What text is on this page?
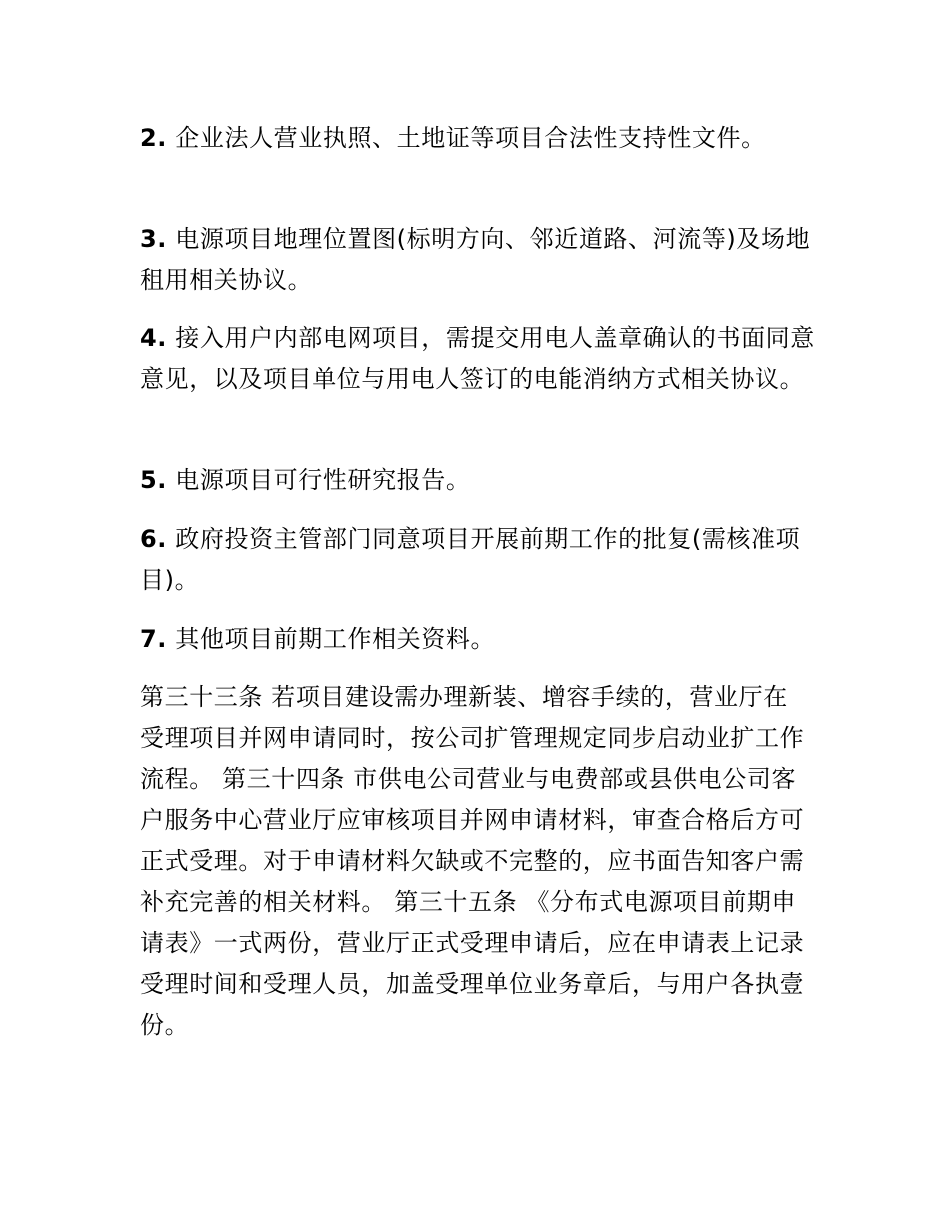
2. 企业法人营业执照、土地证等项目合法性支持性文件。

3. 电源项目地理位置图(标明方向、邻近道路、河流等)及场地租用相关协议。

4. 接入用户内部电网项目，需提交用电人盖章确认的书面同意意见，以及项目单位与用电人签订的电能消纳方式相关协议。

5. 电源项目可行性研究报告。

6. 政府投资主管部门同意项目开展前期工作的批复(需核准项目)。

7. 其他项目前期工作相关资料。

第三十三条 若项目建设需办理新装、增容手续的，营业厅在受理项目并网申请同时，按公司扩管理规定同步启动业扩工作流程。 第三十四条 市供电公司营业与电费部或县供电公司客户服务中心营业厅应审核项目并网申请材料，审查合格后方可正式受理。对于申请材料欠缺或不完整的，应书面告知客户需补充完善的相关材料。 第三十五条 《分布式电源项目前期申请表》一式两份，营业厅正式受理申请后，应在申请表上记录受理时间和受理人员，加盖受理单位业务章后，与用户各执壹份。
